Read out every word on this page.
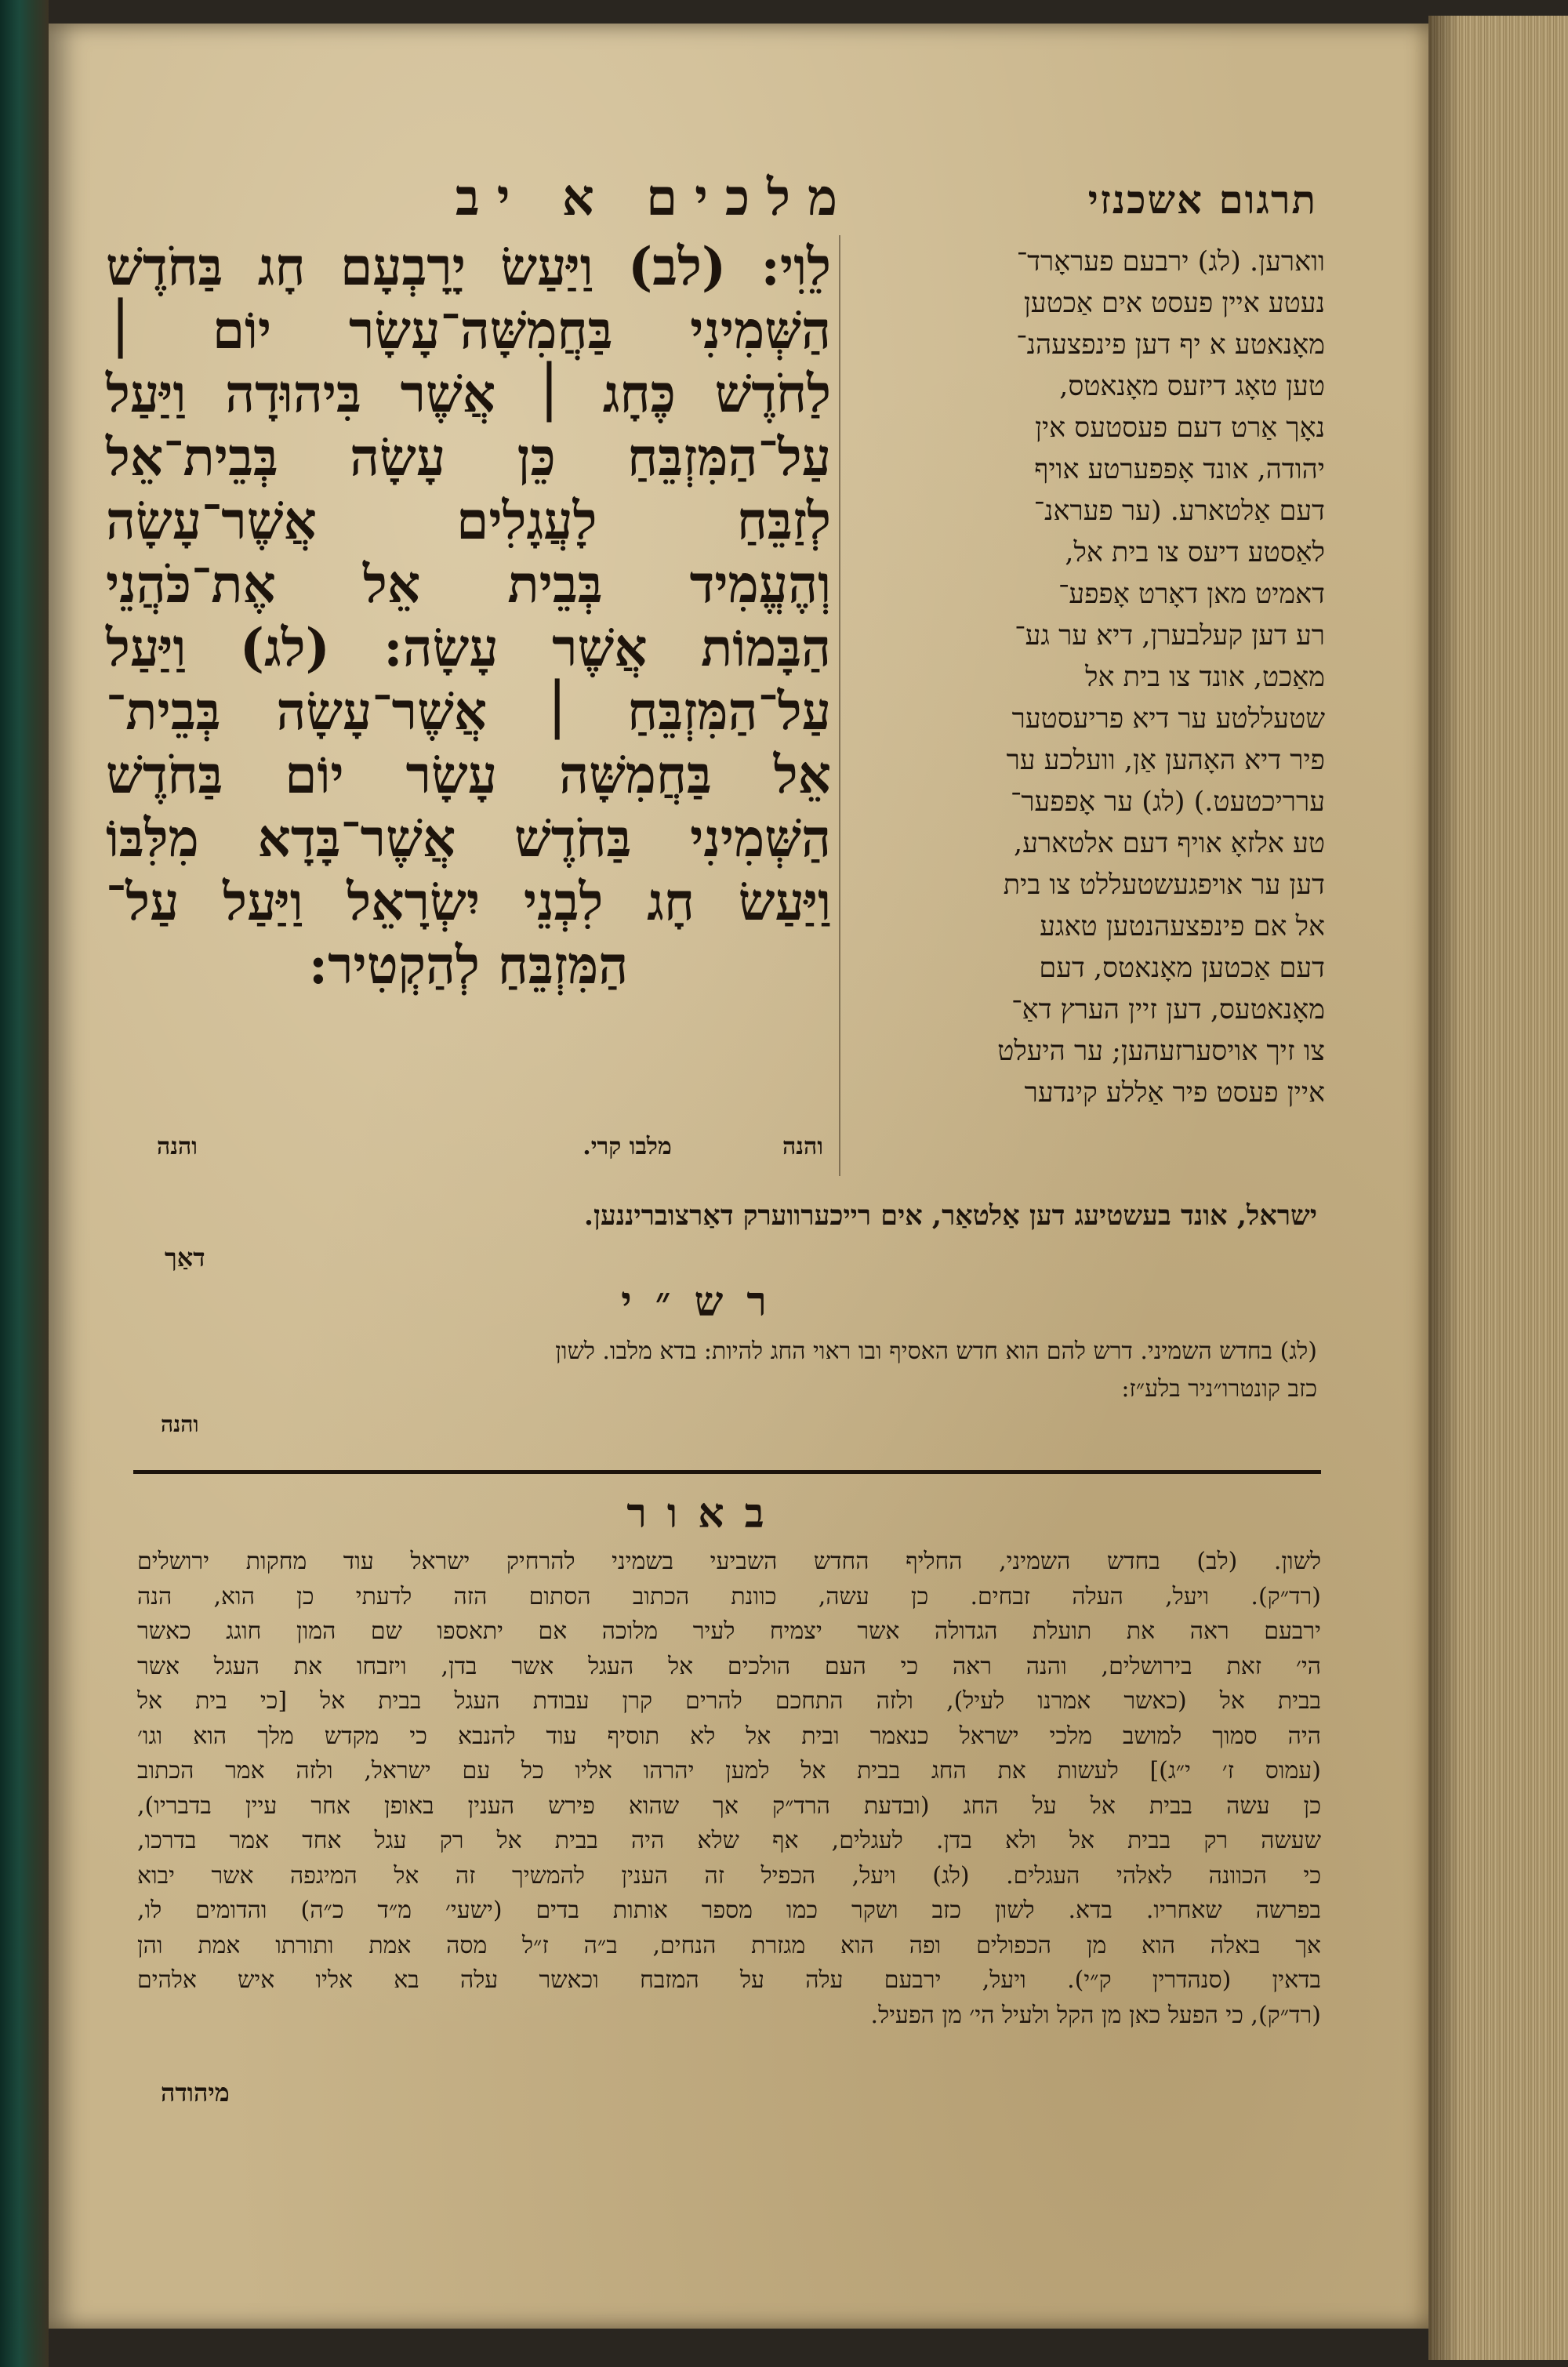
תרגום אשכנזי
מלכים א יב
ווארען. (לג) ירבעם פעראָרד־
נעטע איין פעסט אים אַכטען
מאָנאטע א יף דען פינפצעהנ־
טען טאָג דיזעס מאָנאטס,
נאָך אַרט דעם פעסטעס אין
יהודה, אונד אָפפערטע אויף
דעם אַלטארע. (ער פעראנ־
לאַסטע דיעס צו בית אל,
דאמיט מאן דאָרט אָפפע־
רע דען קעלבערן, דיא ער גע־
מאַכט, אונד צו בית אל
שטעללטע ער דיא פריעסטער
פיר דיא האָהען אַן, וועלכע ער
ערריכטעט.) (לג) ער אָפפער־
טע אלזאָ אויף דעם אלטארע,
דען ער אויפגעשטעללט צו בית
אל אם פינפצעהנטען טאגע
דעם אַכטען מאָנאטס, דעם
מאָנאטעס, דען זיין הערץ דאַ־
צו זיך אויסערזעהען; ער היעלט
איין פעסט פיר אַללע קינדער
לֵוִי: (לב) וַיַּעַשׂ יָרָבְעָם חָג בַּחֹדֶשׁ
הַשְּׁמִינִי בַּחֲמִשָּׁה־עָשָׂר יוֹם ׀
לַחֹדֶשׁ כֶּחָג ׀ אֲשֶׁר בִּיהוּדָה וַיַּעַל
עַל־הַמִּזְבֵּחַ כֵּן עָשָׂה בְּבֵית־אֵל
לְזַבֵּחַ לָעֲגָלִים אֲשֶׁר־עָשָׂה
וְהֶעֱמִיד בְּבֵית אֵל אֶת־כֹּהֲנֵי
הַבָּמוֹת אֲשֶׁר עָשָׂה: (לג) וַיַּעַל
עַל־הַמִּזְבֵּחַ ׀ אֲשֶׁר־עָשָׂה בְּבֵית־
אֵל בַּחֲמִשָּׁה עָשָׂר יוֹם בַּחֹדֶשׁ
הַשְּׁמִינִי בַּחֹדֶשׁ אֲשֶׁר־בָּדָא מִלִּבּוֹ
וַיַּעַשׂ חָג לִבְנֵי יִשְׂרָאֵל וַיַּעַל עַל־
הַמִּזְבֵּחַ לְהַקְטִיר:
והנה
מלבו קרי.
והנה
ישראל, אונד בעשטיעג דען אַלטאַר, אים רייכערווערק דאַרצובריננען.
דאַך
רש״י
(לג) בחדש השמיני. דרש להם הוא חדש האסיף ובו ראוי החג להיות: בדא מלבו. לשון
כזב קונטרו״ניר בלע״ז:
והנה
באור
לשון. (לב) בחדש השמיני, החליף החדש השביעי בשמיני להרחיק ישראל עוד מחקות ירושלים
(רד״ק). ויעל, העלה זבחים. כן עשה, כוונת הכתוב הסתום הזה לדעתי כן הוא, הנה
ירבעם ראה את תועלת הגדולה אשר יצמיח לעיר מלוכה אם יתאספו שם המון חוגג כאשר
הי׳ זאת בירושלים, והנה ראה כי העם הולכים אל העגל אשר בדן, ויזבחו את העגל אשר
בבית אל (כאשר אמרנו לעיל), ולזה התחכם להרים קרן עבודת העגל בבית אל [כי בית אל
היה סמוך למושב מלכי ישראל כנאמר ובית אל לא תוסיף עוד להנבא כי מקדש מלך הוא וגו׳
(עמוס ז׳ י״ג)] לעשות את החג בבית אל למען יהרהו אליו כל עם ישראל, ולזה אמר הכתוב
כן עשה בבית אל על החג (ובדעת הרד״ק אך שהוא פירש הענין באופן אחר עיין בדבריו),
שעשה רק בבית אל ולא בדן. לעגלים, אף שלא היה בבית אל רק עגל אחד אמר בדרכו,
כי הכוונה לאלהי העגלים. (לג) ויעל, הכפיל זה הענין להמשיך זה אל המיגפה אשר יבוא
בפרשה שאחריו. בדא. לשון כזב ושקר כמו מספר אותות בדים (ישעי׳ מ״ד כ״ה) והדומים לו,
אך באלה הוא מן הכפולים ופה הוא מגזרת הנחים, ב״ה ז״ל מסה אמת ותורתו אמת והן
בדאין (סנהדרין ק״י). ויעל, ירבעם עלה על המזבח וכאשר עלה בא אליו איש אלהים
(רד״ק), כי הפעל כאן מן הקל ולעיל הי׳ מן הפעיל.
מיהודה
